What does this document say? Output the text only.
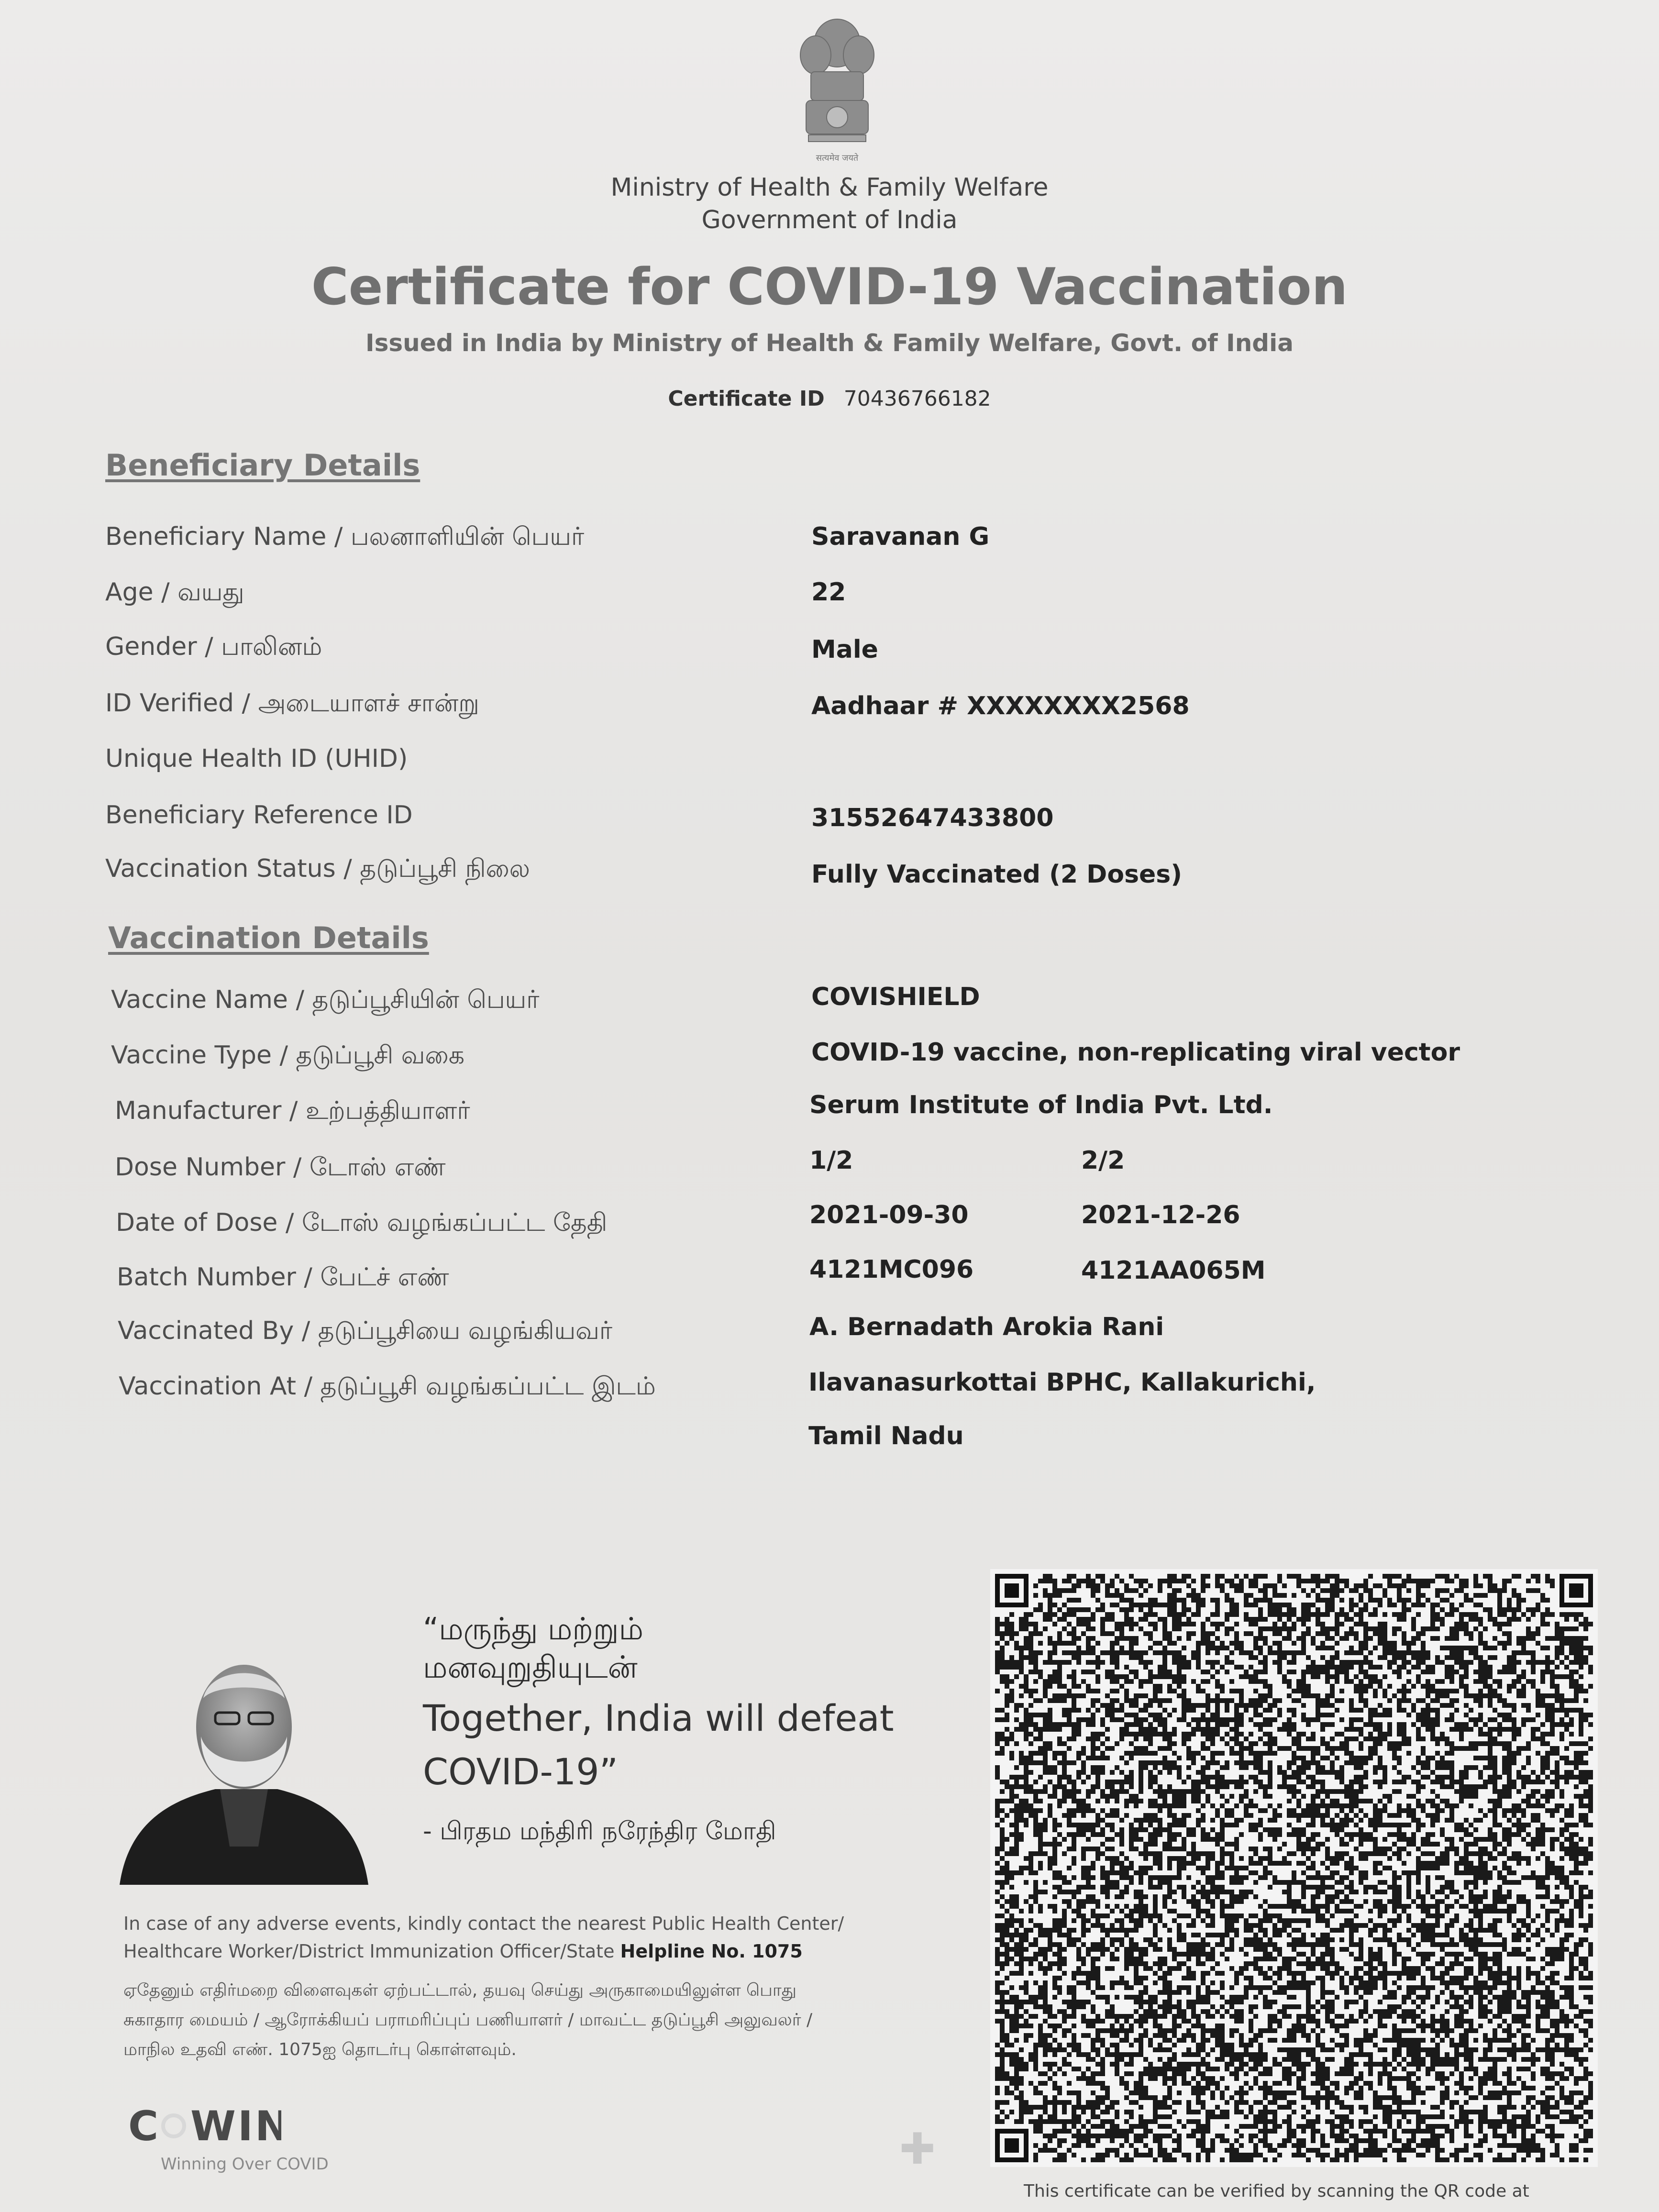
सत्यमेव जयते
Ministry of Health & Family Welfare
Government of India
Certificate for COVID-19 Vaccination
Issued in India by Ministry of Health & Family Welfare, Govt. of India
Certificate ID 70436766182
Beneficiary Details
Beneficiary Name / பலனாளியின் பெயர்	Saravanan G
Age / வயது	22
Gender / பாலினம்	Male
ID Verified / அடையாளச் சான்று	Aadhaar # XXXXXXXX2568
Unique Health ID (UHID)
Beneficiary Reference ID	31552647433800
Vaccination Status / தடுப்பூசி நிலை	Fully Vaccinated (2 Doses)
Vaccination Details
Vaccine Name / தடுப்பூசியின் பெயர்	COVISHIELD
Vaccine Type / தடுப்பூசி வகை	COVID-19 vaccine, non-replicating viral vector
Manufacturer / உற்பத்தியாளர்	Serum Institute of India Pvt. Ltd.
Dose Number / டோஸ் எண்	1/2	2/2
Date of Dose / டோஸ் வழங்கப்பட்ட தேதி	2021-09-30	2021-12-26
Batch Number / பேட்ச் எண்	4121MC096	4121AA065M
Vaccinated By / தடுப்பூசியை வழங்கியவர்	A. Bernadath Arokia Rani
Vaccination At / தடுப்பூசி வழங்கப்பட்ட இடம்	Ilavanasurkottai BPHC, Kallakurichi,
Tamil Nadu
“மருந்து மற்றும்
மனவுறுதியுடன்
Together, India will defeat
COVID-19”
- பிரதம மந்திரி நரேந்திர மோதி
In case of any adverse events, kindly contact the nearest Public Health Center/
Healthcare Worker/District Immunization Officer/State Helpline No. 1075
ஏதேனும் எதிர்மறை விளைவுகள் ஏற்பட்டால், தயவு செய்து அருகாமையிலுள்ள பொது
சுகாதார மையம் / ஆரோக்கியப் பராமரிப்புப் பணியாளர் / மாவட்ட தடுப்பூசி அலுவலர் /
மாநில உதவி எண். 1075ஐ தொடர்பு கொள்ளவும்.
C WIN
Winning Over COVID	✚
This certificate can be verified by scanning the QR code at
